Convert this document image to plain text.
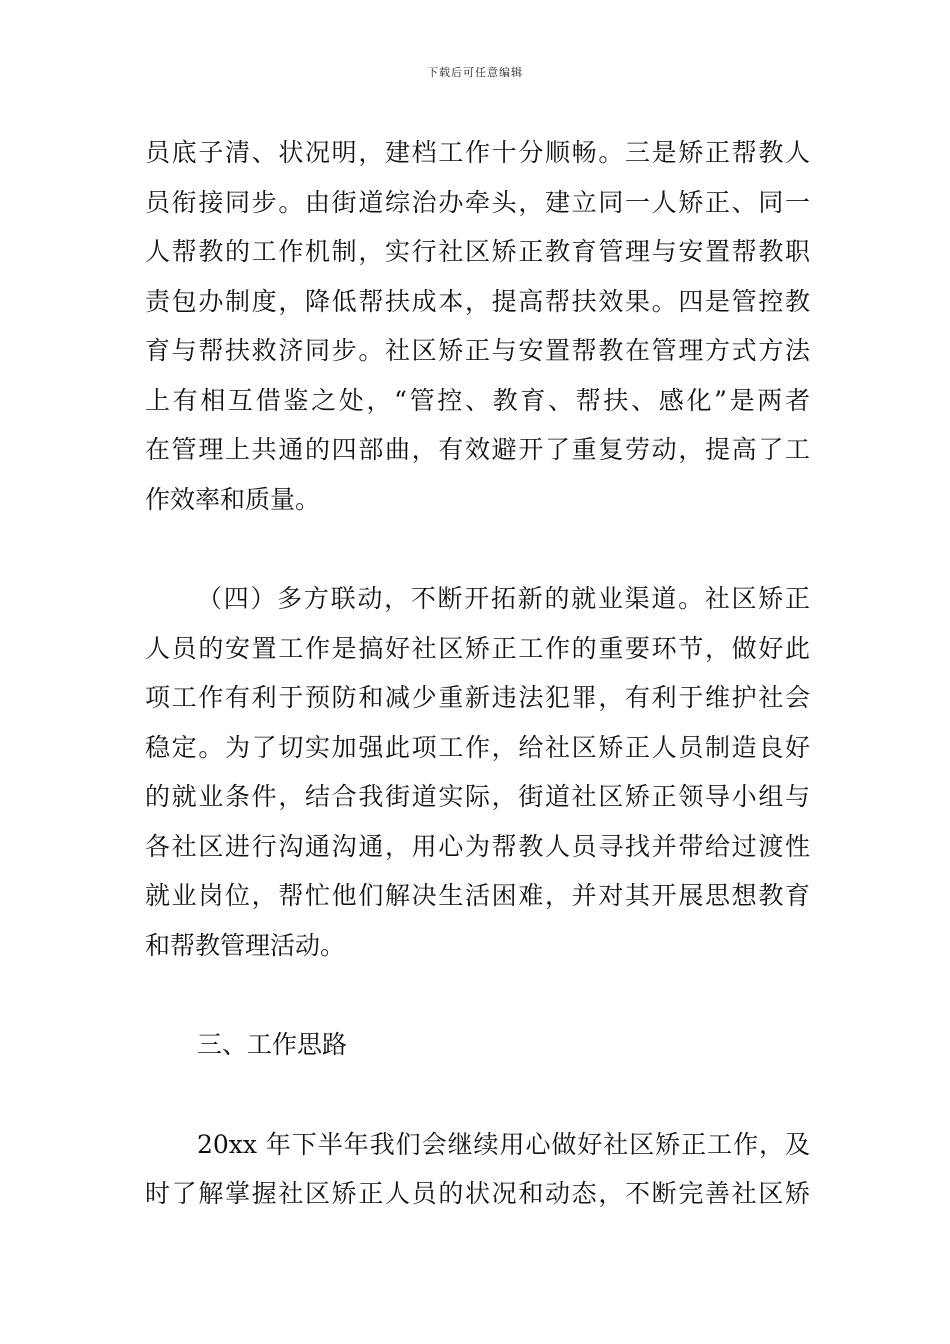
下载后可任意编辑
员底子清、状况明，建档工作十分顺畅。三是矫正帮教人
员衔接同步。由街道综治办牵头，建立同一人矫正、同一
人帮教的工作机制，实行社区矫正教育管理与安置帮教职
责包办制度，降低帮扶成本，提高帮扶效果。四是管控教
育与帮扶救济同步。社区矫正与安置帮教在管理方式方法
上有相互借鉴之处，“管控、教育、帮扶、感化”是两者
在管理上共通的四部曲，有效避开了重复劳动，提高了工
作效率和质量。
（四）多方联动，不断开拓新的就业渠道。社区矫正
人员的安置工作是搞好社区矫正工作的重要环节，做好此
项工作有利于预防和减少重新违法犯罪，有利于维护社会
稳定。为了切实加强此项工作，给社区矫正人员制造良好
的就业条件，结合我街道实际，街道社区矫正领导小组与
各社区进行沟通沟通，用心为帮教人员寻找并带给过渡性
就业岗位，帮忙他们解决生活困难，并对其开展思想教育
和帮教管理活动。
三、工作思路
20xx 年下半年我们会继续用心做好社区矫正工作，及
时了解掌握社区矫正人员的状况和动态，不断完善社区矫
